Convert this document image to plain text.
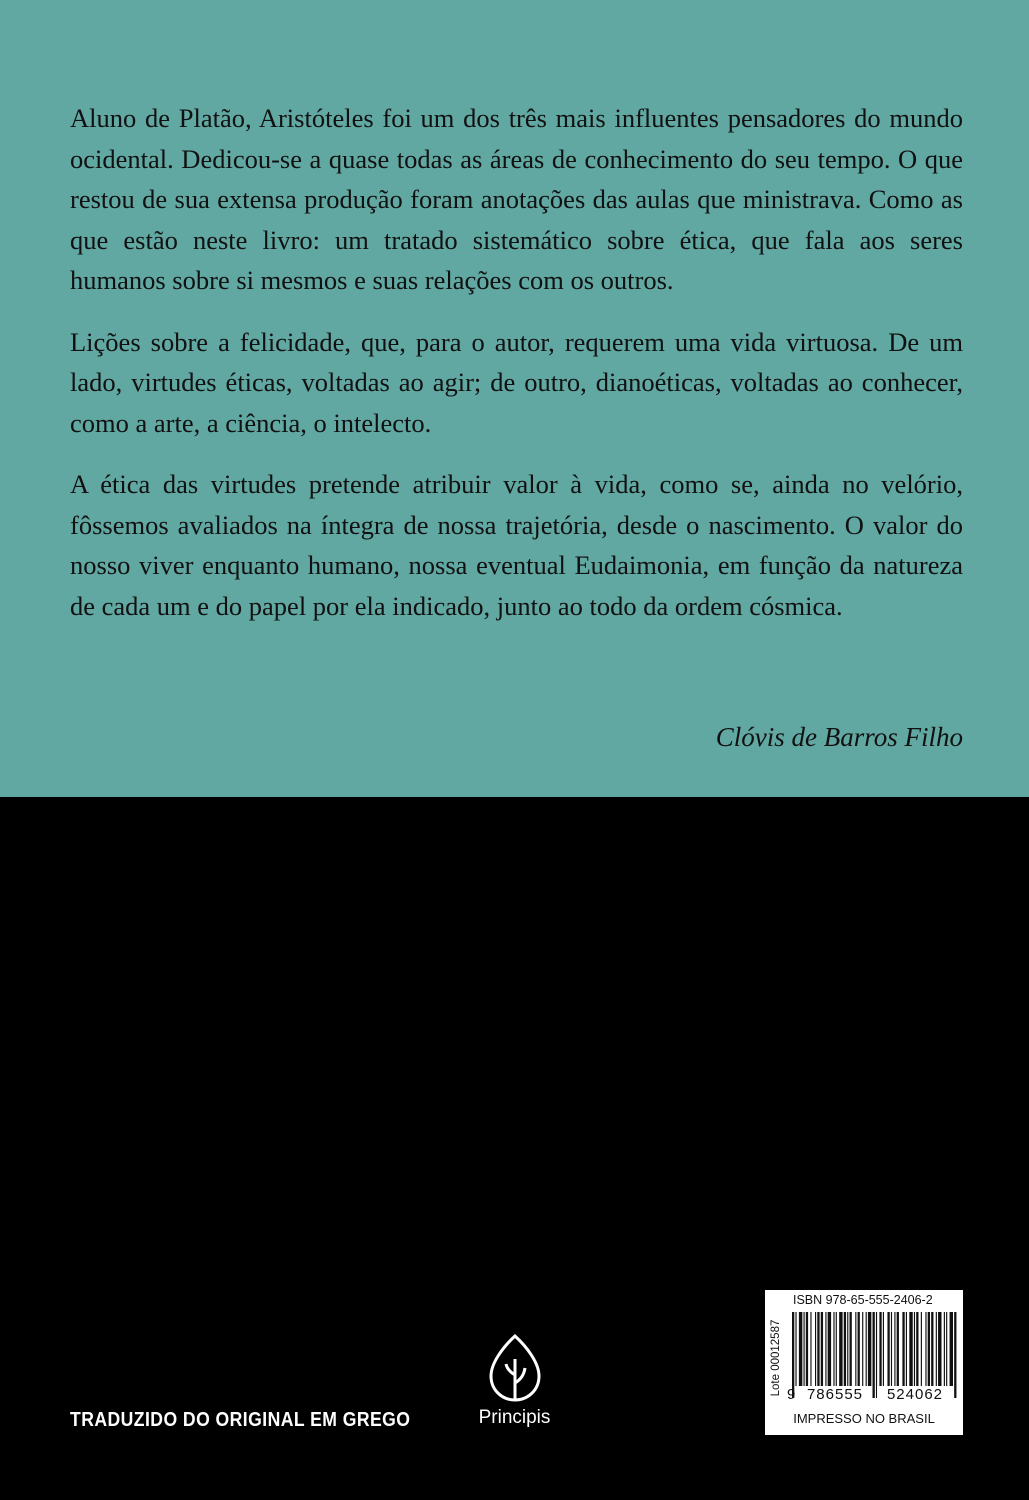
Aluno de Platão, Aristóteles foi um dos três mais influentes pensadores do mundo ocidental. Dedicou-se a quase todas as áreas de conhecimento do seu tempo. O que restou de sua extensa produção foram anotações das aulas que ministrava. Como as que estão neste livro: um tratado sistemático sobre ética, que fala aos seres humanos sobre si mesmos e suas relações com os outros.

Lições sobre a felicidade, que, para o autor, requerem uma vida virtuosa. De um lado, virtudes éticas, voltadas ao agir; de outro, dianoéticas, voltadas ao conhecer, como a arte, a ciência, o intelecto.

A ética das virtudes pretende atribuir valor à vida, como se, ainda no velório, fôssemos avaliados na íntegra de nossa trajetória, desde o nascimento. O valor do nosso viver enquanto humano, nossa eventual Eudaimonia, em função da natureza de cada um e do papel por ela indicado, junto ao todo da ordem cósmica.

Clóvis de Barros Filho
TRADUZIDO DO ORIGINAL EM GREGO	Principis
ISBN 978-65-555-2406-2
Lote 00012587 9 786555	524062
IMPRESSO NO BRASIL
